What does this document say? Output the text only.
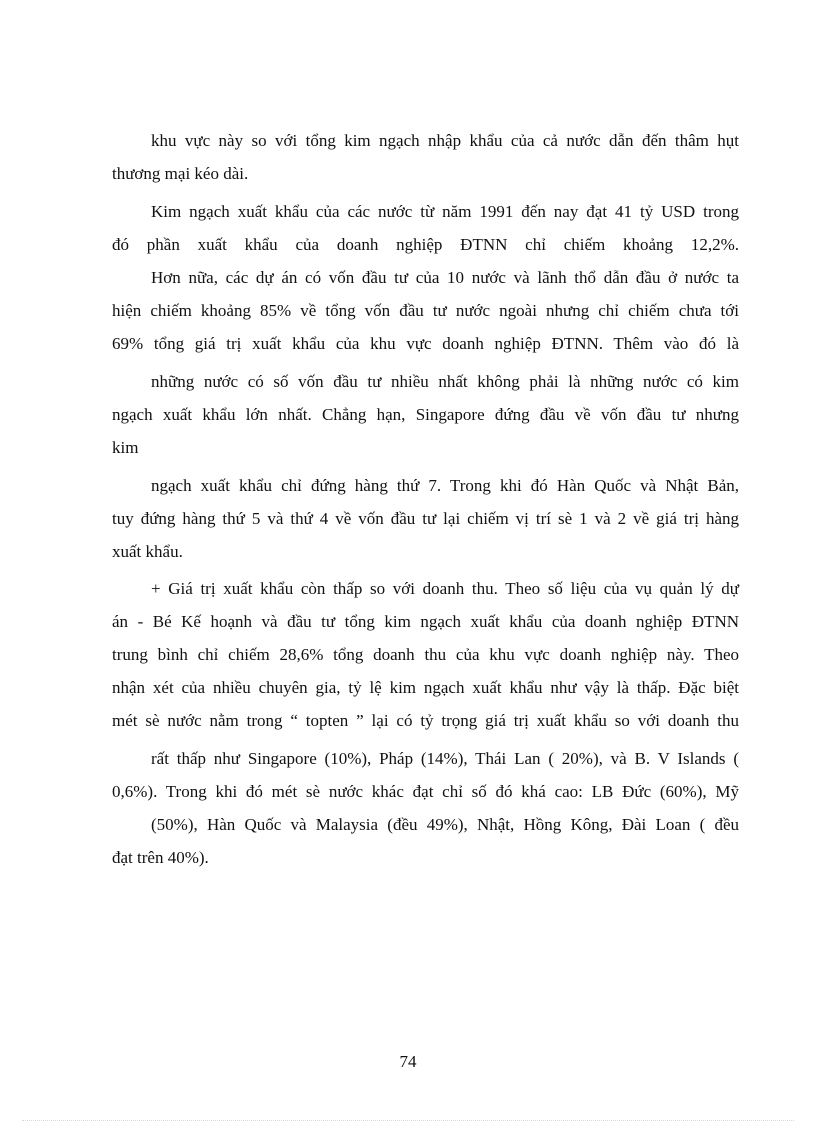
khu vực này so với tổng kim ngạch nhập khẩu của cả nước dẫn đến thâm hụt
thương mại kéo dài.
Kim ngạch xuất khẩu của các nước từ năm 1991 đến nay đạt 41 tỷ USD trong
đó phần xuất khẩu của doanh nghiệp ĐTNN chỉ chiếm khoảng 12,2%.
Hơn nữa, các dự án có vốn đầu tư của 10 nước và lãnh thổ dẫn đầu ở nước ta
hiện chiếm khoảng 85% về tổng vốn đầu tư nước ngoài nhưng chỉ chiếm chưa tới
69% tổng giá trị xuất khẩu của khu vực doanh nghiệp ĐTNN. Thêm vào đó là
những nước có số vốn đầu tư nhiều nhất không phải là những nước có kim
ngạch xuất khẩu lớn nhất. Chẳng hạn, Singapore đứng đầu về vốn đầu tư nhưng
kim
ngạch xuất khẩu chỉ đứng hàng thứ 7. Trong khi đó Hàn Quốc và Nhật Bản,
tuy đứng hàng thứ 5 và thứ 4 về vốn đầu tư lại chiếm vị trí sè 1 và 2 về giá trị hàng
xuất khẩu.
+ Giá trị xuất khẩu còn thấp so với doanh thu. Theo số liệu của vụ quản lý dự
án - Bé Kế hoạnh và đầu tư tổng kim ngạch xuất khẩu của doanh nghiệp ĐTNN
trung bình chỉ chiếm 28,6% tổng doanh thu của khu vực doanh nghiệp này. Theo
nhận xét của nhiều chuyên gia, tỷ lệ kim ngạch xuất khẩu như vậy là thấp. Đặc biệt
mét sè nước nằm trong “ topten ” lại có tỷ trọng giá trị xuất khẩu so với doanh thu
rất thấp như Singapore (10%), Pháp (14%), Thái Lan ( 20%), và B. V Islands (
0,6%). Trong khi đó mét sè nước khác đạt chỉ số đó khá cao: LB Đức (60%), Mỹ
(50%), Hàn Quốc và Malaysia (đều 49%), Nhật, Hồng Kông, Đài Loan ( đều
đạt trên 40%).
74
